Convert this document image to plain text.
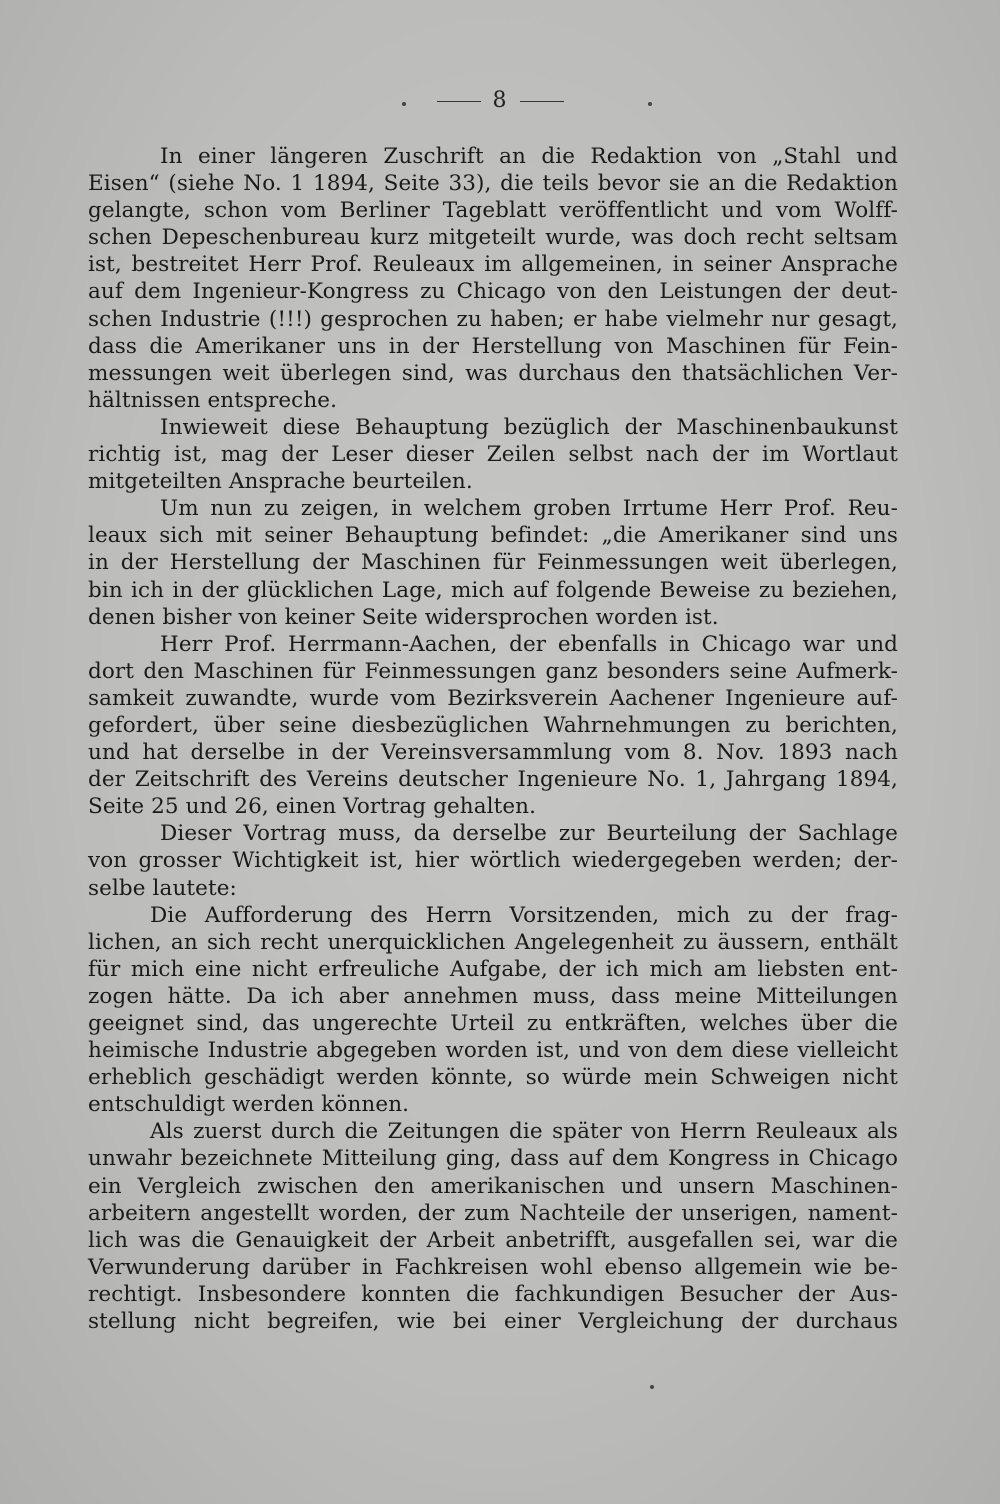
8
In einer längeren Zuschrift an die Redaktion von „Stahl und
Eisen“ (siehe No. 1 1894, Seite 33), die teils bevor sie an die Redaktion
gelangte, schon vom Berliner Tageblatt veröffentlicht und vom Wolff-
schen Depeschenbureau kurz mitgeteilt wurde, was doch recht seltsam
ist, bestreitet Herr Prof. Reuleaux im allgemeinen, in seiner Ansprache
auf dem Ingenieur-Kongress zu Chicago von den Leistungen der deut-
schen Industrie (!!!) gesprochen zu haben; er habe vielmehr nur gesagt,
dass die Amerikaner uns in der Herstellung von Maschinen für Fein-
messungen weit überlegen sind, was durchaus den thatsächlichen Ver-
hältnissen entspreche.
Inwieweit diese Behauptung bezüglich der Maschinenbaukunst
richtig ist, mag der Leser dieser Zeilen selbst nach der im Wortlaut
mitgeteilten Ansprache beurteilen.
Um nun zu zeigen, in welchem groben Irrtume Herr Prof. Reu-
leaux sich mit seiner Behauptung befindet: „die Amerikaner sind uns
in der Herstellung der Maschinen für Feinmessungen weit überlegen,
bin ich in der glücklichen Lage, mich auf folgende Beweise zu beziehen,
denen bisher von keiner Seite widersprochen worden ist.
Herr Prof. Herrmann-Aachen, der ebenfalls in Chicago war und
dort den Maschinen für Feinmessungen ganz besonders seine Aufmerk-
samkeit zuwandte, wurde vom Bezirksverein Aachener Ingenieure auf-
gefordert, über seine diesbezüglichen Wahrnehmungen zu berichten,
und hat derselbe in der Vereinsversammlung vom 8. Nov. 1893 nach
der Zeitschrift des Vereins deutscher Ingenieure No. 1, Jahrgang 1894,
Seite 25 und 26, einen Vortrag gehalten.
Dieser Vortrag muss, da derselbe zur Beurteilung der Sachlage
von grosser Wichtigkeit ist, hier wörtlich wiedergegeben werden; der-
selbe lautete:
Die Aufforderung des Herrn Vorsitzenden, mich zu der frag-
lichen, an sich recht unerquicklichen Angelegenheit zu äussern, enthält
für mich eine nicht erfreuliche Aufgabe, der ich mich am liebsten ent-
zogen hätte. Da ich aber annehmen muss, dass meine Mitteilungen
geeignet sind, das ungerechte Urteil zu entkräften, welches über die
heimische Industrie abgegeben worden ist, und von dem diese vielleicht
erheblich geschädigt werden könnte, so würde mein Schweigen nicht
entschuldigt werden können.
Als zuerst durch die Zeitungen die später von Herrn Reuleaux als
unwahr bezeichnete Mitteilung ging, dass auf dem Kongress in Chicago
ein Vergleich zwischen den amerikanischen und unsern Maschinen-
arbeitern angestellt worden, der zum Nachteile der unserigen, nament-
lich was die Genauigkeit der Arbeit anbetrifft, ausgefallen sei, war die
Verwunderung darüber in Fachkreisen wohl ebenso allgemein wie be-
rechtigt. Insbesondere konnten die fachkundigen Besucher der Aus-
stellung nicht begreifen, wie bei einer Vergleichung der durchaus
